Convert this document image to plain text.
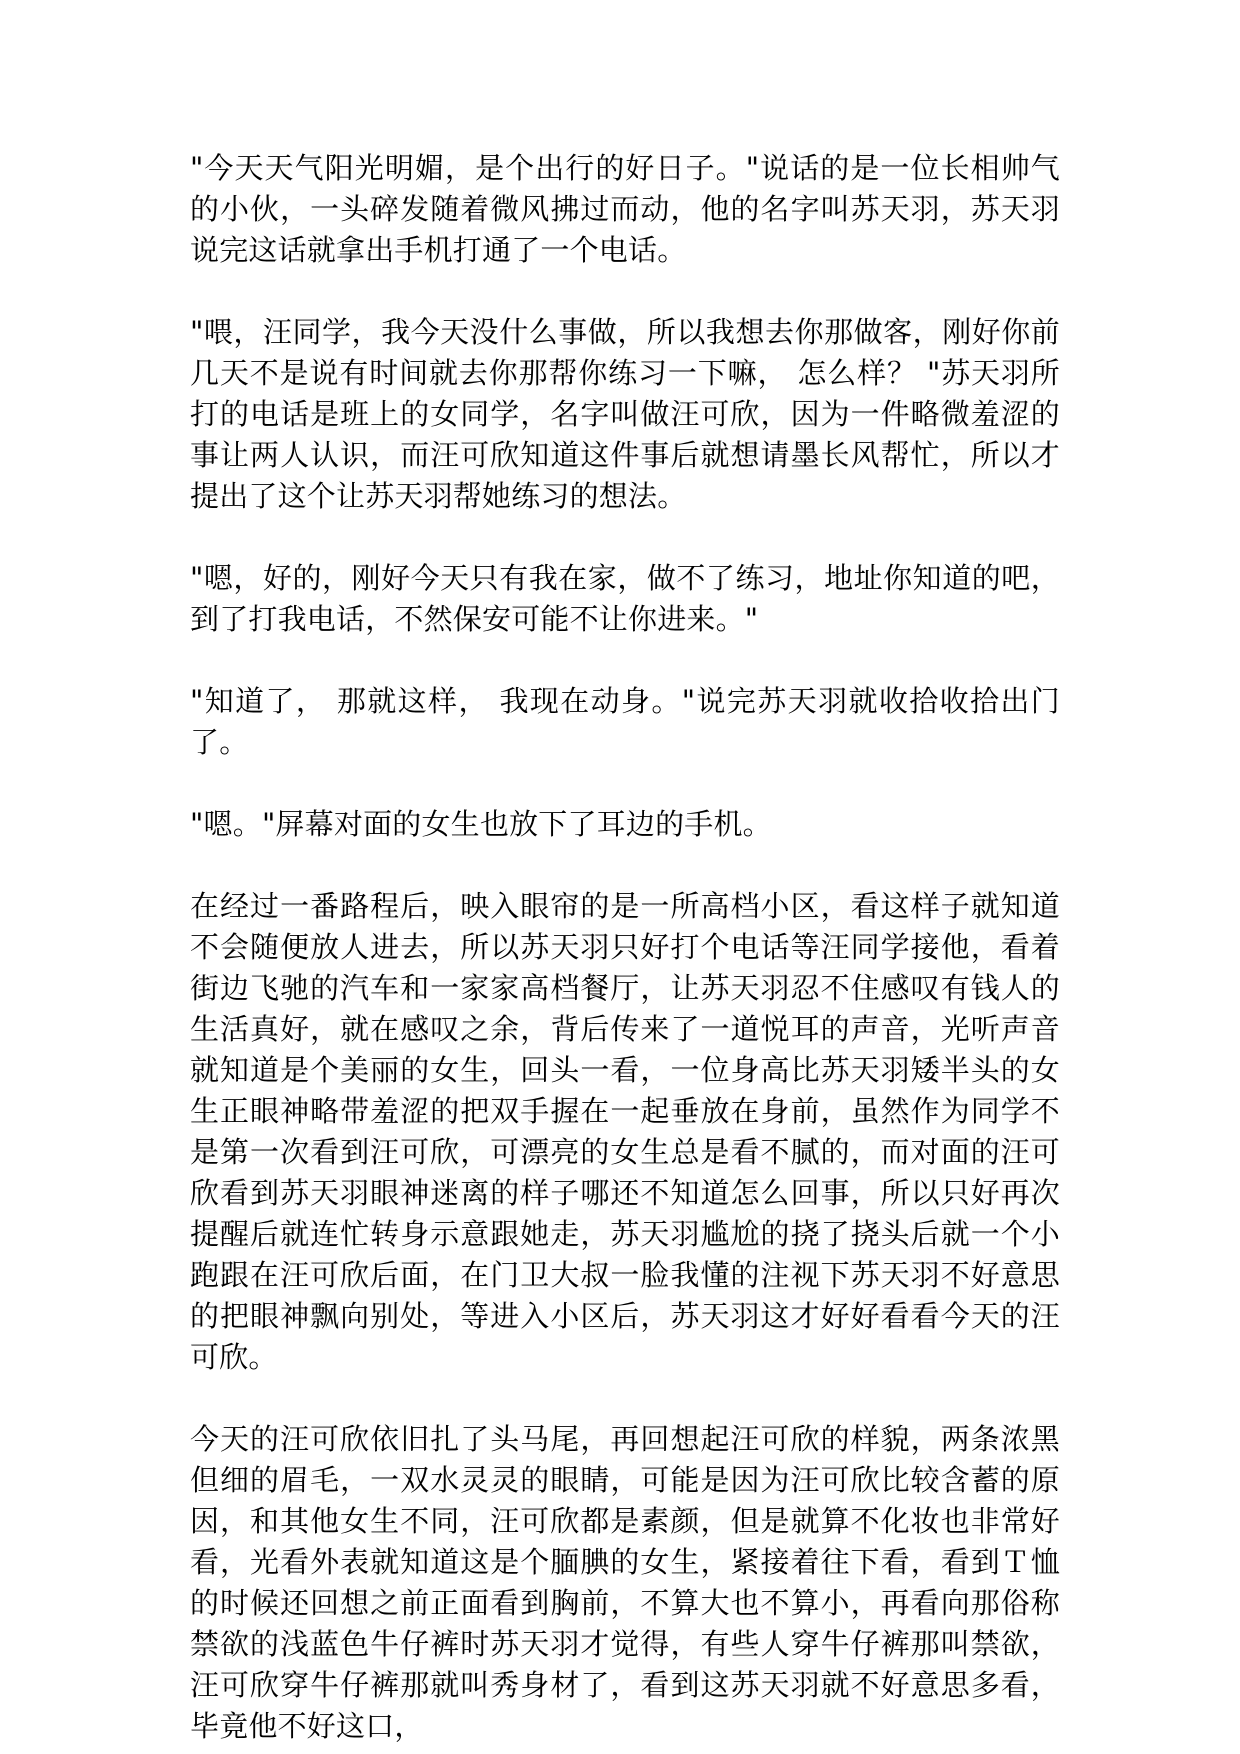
"今天天气阳光明媚，是个出行的好日子。"说话的是一位长相帅气的小伙，一头碎发随着微风拂过而动，他的名字叫苏天羽，苏天羽说完这话就拿出手机打通了一个电话。

"喂，汪同学，我今天没什么事做，所以我想去你那做客，刚好你前几天不是说有时间就去你那帮你练习一下嘛， 怎么样？ "苏天羽所打的电话是班上的女同学，名字叫做汪可欣，因为一件略微羞涩的事让两人认识，而汪可欣知道这件事后就想请墨长风帮忙，所以才提出了这个让苏天羽帮她练习的想法。

"嗯，好的，刚好今天只有我在家，做不了练习，地址你知道的吧，到了打我电话，不然保安可能不让你进来。"

"知道了， 那就这样， 我现在动身。"说完苏天羽就收拾收拾出门了。

"嗯。"屏幕对面的女生也放下了耳边的手机。

在经过一番路程后，映入眼帘的是一所高档小区，看这样子就知道不会随便放人进去，所以苏天羽只好打个电话等汪同学接他，看着街边飞驰的汽车和一家家高档餐厅，让苏天羽忍不住感叹有钱人的生活真好，就在感叹之余，背后传来了一道悦耳的声音，光听声音就知道是个美丽的女生，回头一看，一位身高比苏天羽矮半头的女生正眼神略带羞涩的把双手握在一起垂放在身前，虽然作为同学不是第一次看到汪可欣，可漂亮的女生总是看不腻的，而对面的汪可欣看到苏天羽眼神迷离的样子哪还不知道怎么回事，所以只好再次提醒后就连忙转身示意跟她走，苏天羽尴尬的挠了挠头后就一个小跑跟在汪可欣后面，在门卫大叔一脸我懂的注视下苏天羽不好意思的把眼神飘向别处，等进入小区后，苏天羽这才好好看看今天的汪可欣。

今天的汪可欣依旧扎了头马尾，再回想起汪可欣的样貌，两条浓黑但细的眉毛，一双水灵灵的眼睛，可能是因为汪可欣比较含蓄的原因，和其他女生不同，汪可欣都是素颜，但是就算不化妆也非常好看，光看外表就知道这是个腼腆的女生，紧接着往下看，看到Ｔ恤的时候还回想之前正面看到胸前，不算大也不算小，再看向那俗称禁欲的浅蓝色牛仔裤时苏天羽才觉得，有些人穿牛仔裤那叫禁欲，汪可欣穿牛仔裤那就叫秀身材了，看到这苏天羽就不好意思多看，毕竟他不好这口，
